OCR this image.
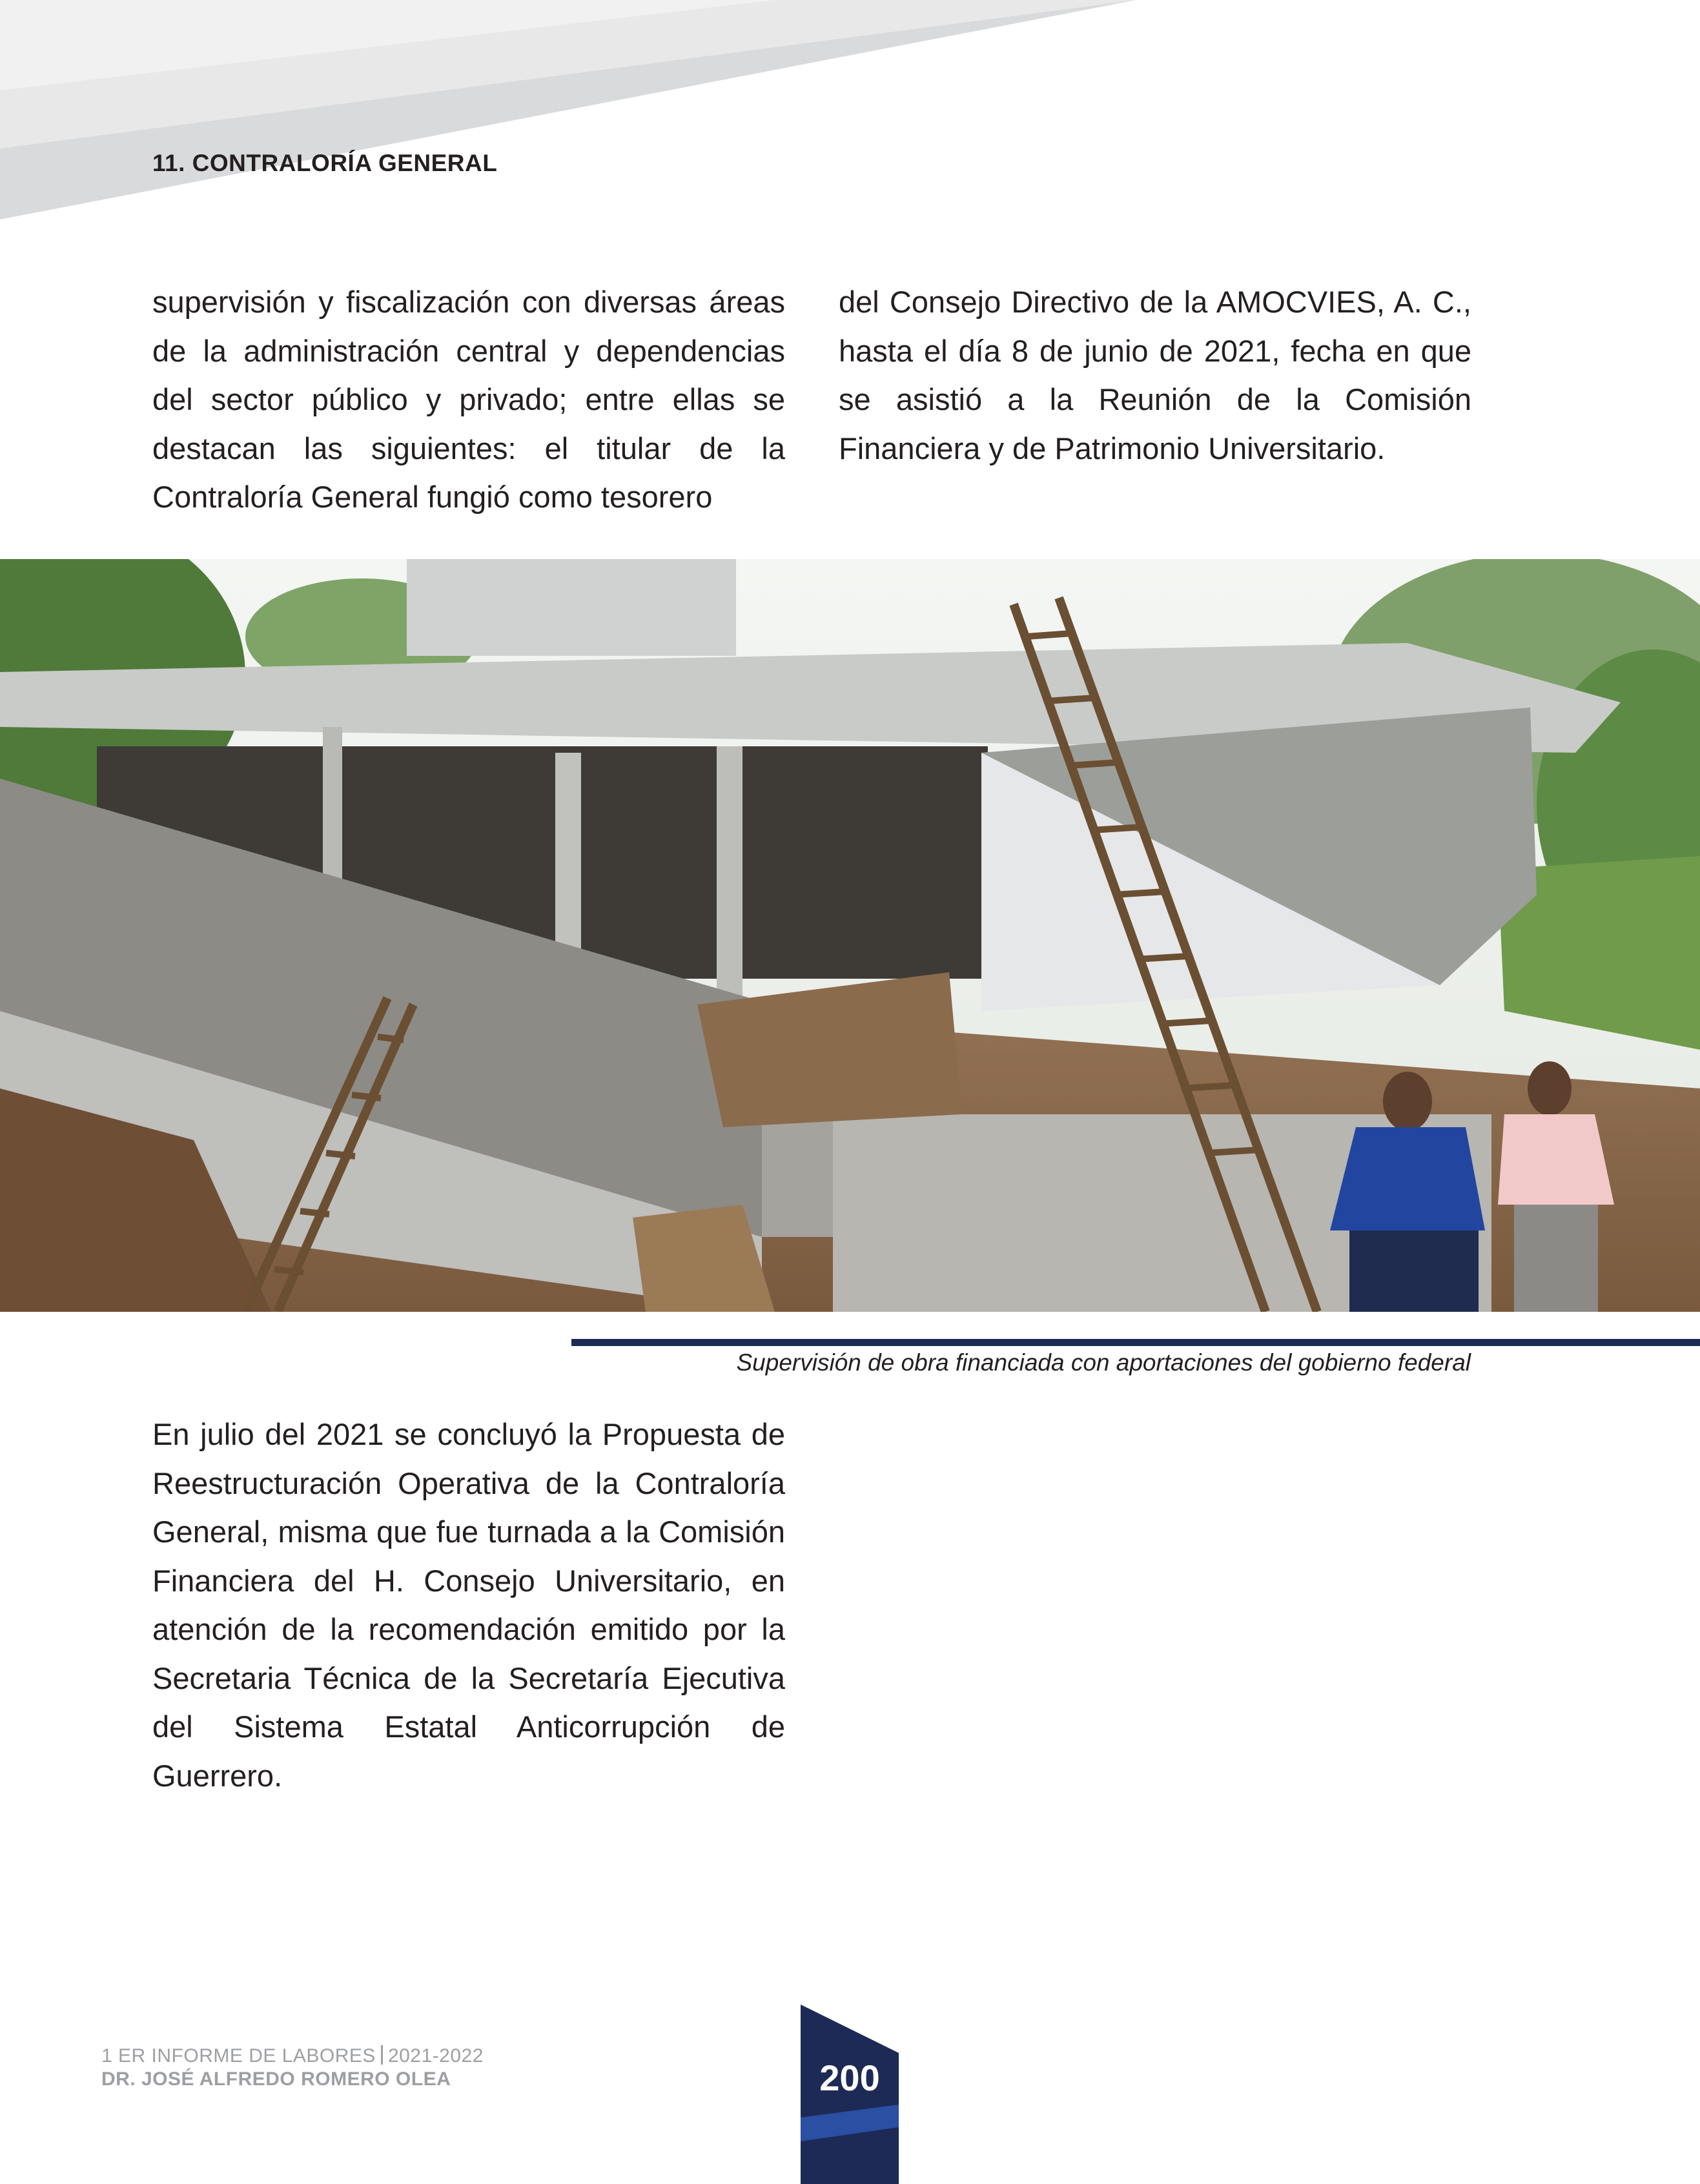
11. CONTRALORÍA GENERAL
supervisión y fiscalización con diversas áreas de la administración central y dependencias del sector público y privado; entre ellas se destacan las siguientes: el titular de la Contraloría General fungió como tesorero
del Consejo Directivo de la AMOCVIES, A. C., hasta el día 8 de junio de 2021, fecha en que se asistió a la Reunión de la Comisión Financiera y de Patrimonio Universitario.
Supervisión de obra financiada con aportaciones del gobierno federal
En julio del 2021 se concluyó la Propuesta de Reestructuración Operativa de la Contraloría General, misma que fue turnada a la Comisión Financiera del H. Consejo Universitario, en atención de la recomendación emitido por la Secretaria Técnica de la Secretaría Ejecutiva del Sistema Estatal Anticorrupción de Guerrero.
1 ER INFORME DE LABORES 2021-2022
DR. JOSÉ ALFREDO ROMERO OLEA	200
